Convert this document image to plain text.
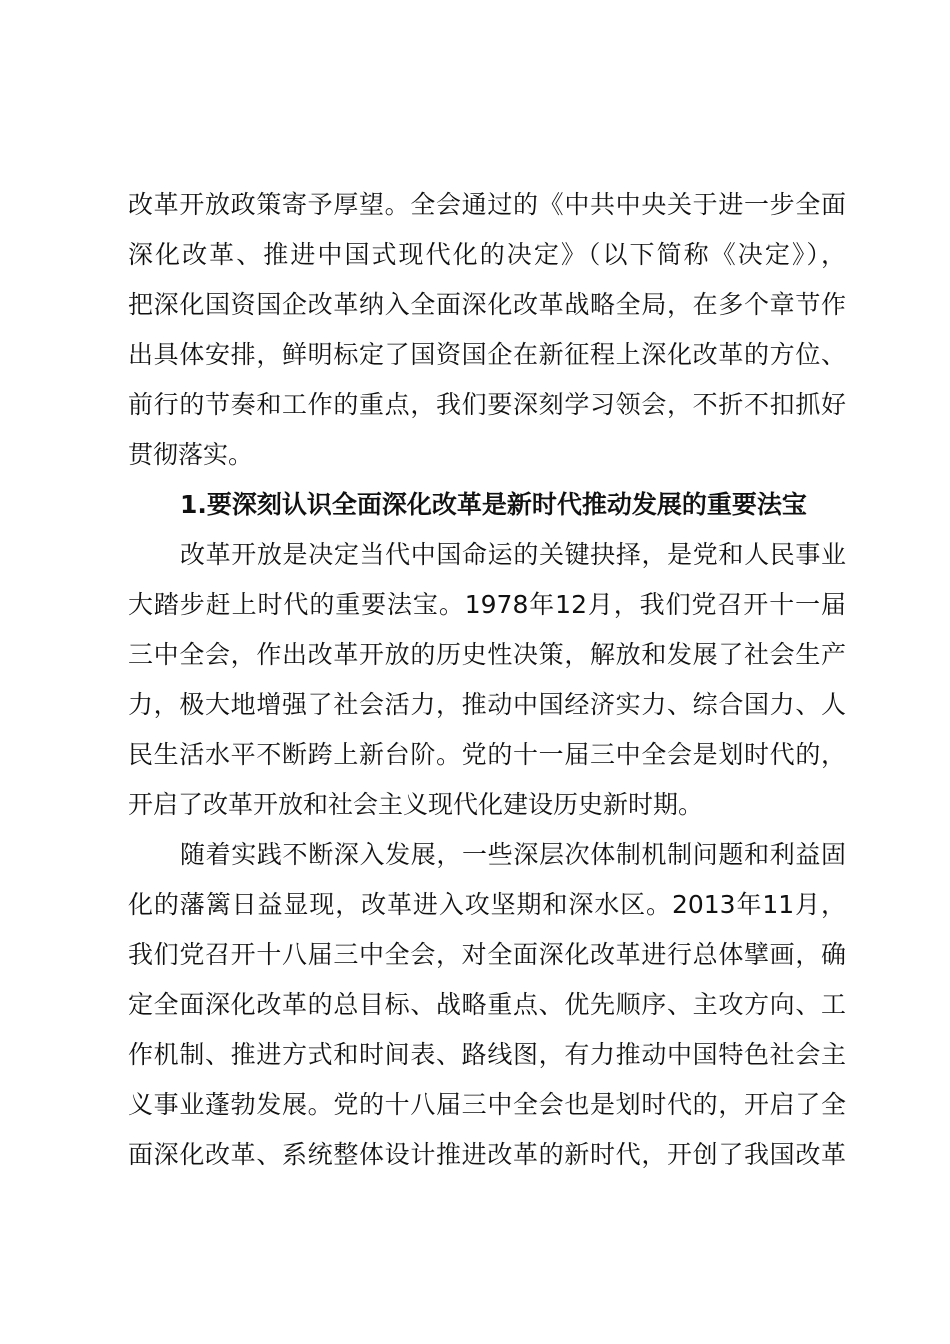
改革开放政策寄予厚望。全会通过的《中共中央关于进一步全面
深化改革、推进中国式现代化的决定》（以下简称《决定》），
把深化国资国企改革纳入全面深化改革战略全局，在多个章节作
出具体安排，鲜明标定了国资国企在新征程上深化改革的方位、
前行的节奏和工作的重点，我们要深刻学习领会，不折不扣抓好
贯彻落实。
1.要深刻认识全面深化改革是新时代推动发展的重要法宝
改革开放是决定当代中国命运的关键抉择，是党和人民事业
大踏步赶上时代的重要法宝。1978年12月，我们党召开十一届
三中全会，作出改革开放的历史性决策，解放和发展了社会生产
力，极大地增强了社会活力，推动中国经济实力、综合国力、人
民生活水平不断跨上新台阶。党的十一届三中全会是划时代的，
开启了改革开放和社会主义现代化建设历史新时期。
随着实践不断深入发展，一些深层次体制机制问题和利益固
化的藩篱日益显现，改革进入攻坚期和深水区。2013年11月，
我们党召开十八届三中全会，对全面深化改革进行总体擘画，确
定全面深化改革的总目标、战略重点、优先顺序、主攻方向、工
作机制、推进方式和时间表、路线图，有力推动中国特色社会主
义事业蓬勃发展。党的十八届三中全会也是划时代的，开启了全
面深化改革、系统整体设计推进改革的新时代，开创了我国改革
